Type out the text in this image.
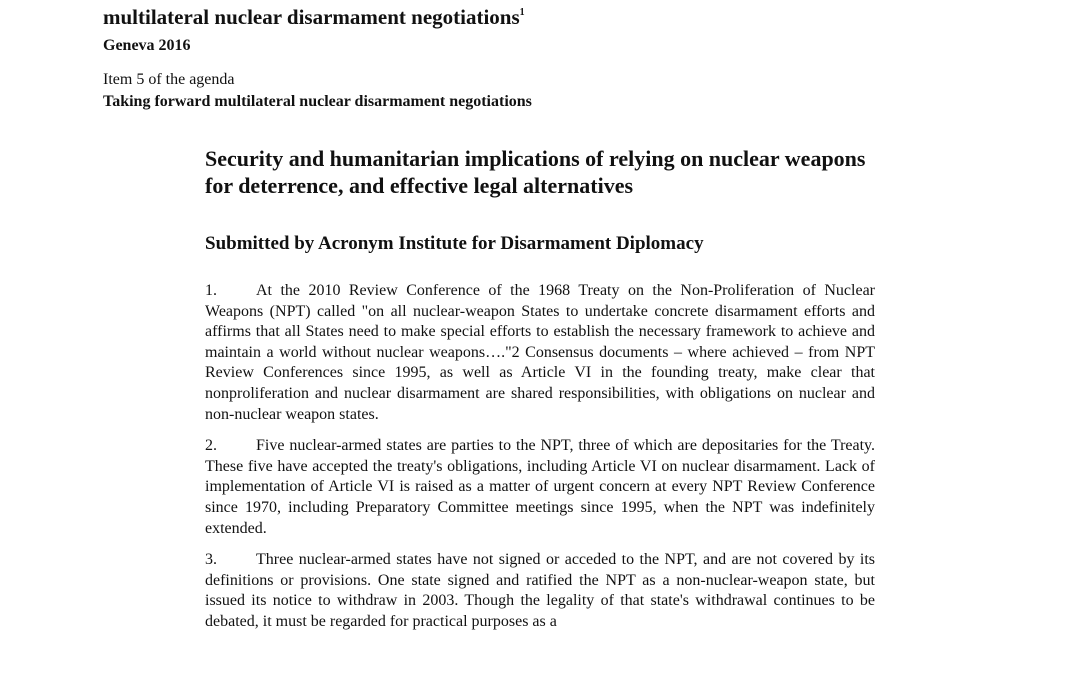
multilateral nuclear disarmament negotiations$^1$
Geneva 2016
Item 5 of the agenda
Taking forward multilateral nuclear disarmament negotiations
Security and humanitarian implications of relying on nuclear weapons for deterrence, and effective legal alternatives
Submitted by Acronym Institute for Disarmament Diplomacy

1. At the 2010 Review Conference of the 1968 Treaty on the Non-Proliferation of Nuclear Weapons (NPT) called "on all nuclear-weapon States to undertake concrete disarmament efforts and affirms that all States need to make special efforts to establish the necessary framework to achieve and maintain a world without nuclear weapons…."2 Consensus documents – where achieved – from NPT Review Conferences since 1995, as well as Article VI in the founding treaty, make clear that nonproliferation and nuclear disarmament are shared responsibilities, with obligations on nuclear and non-nuclear weapon states.

2. Five nuclear-armed states are parties to the NPT, three of which are depositaries for the Treaty. These five have accepted the treaty's obligations, including Article VI on nuclear disarmament. Lack of implementation of Article VI is raised as a matter of urgent concern at every NPT Review Conference since 1970, including Preparatory Committee meetings since 1995, when the NPT was indefinitely extended.

3. Three nuclear-armed states have not signed or acceded to the NPT, and are not covered by its definitions or provisions. One state signed and ratified the NPT as a non-nuclear-weapon state, but issued its notice to withdraw in 2003. Though the legality of that state's withdrawal continues to be debated, it must be regarded for practical purposes as a
